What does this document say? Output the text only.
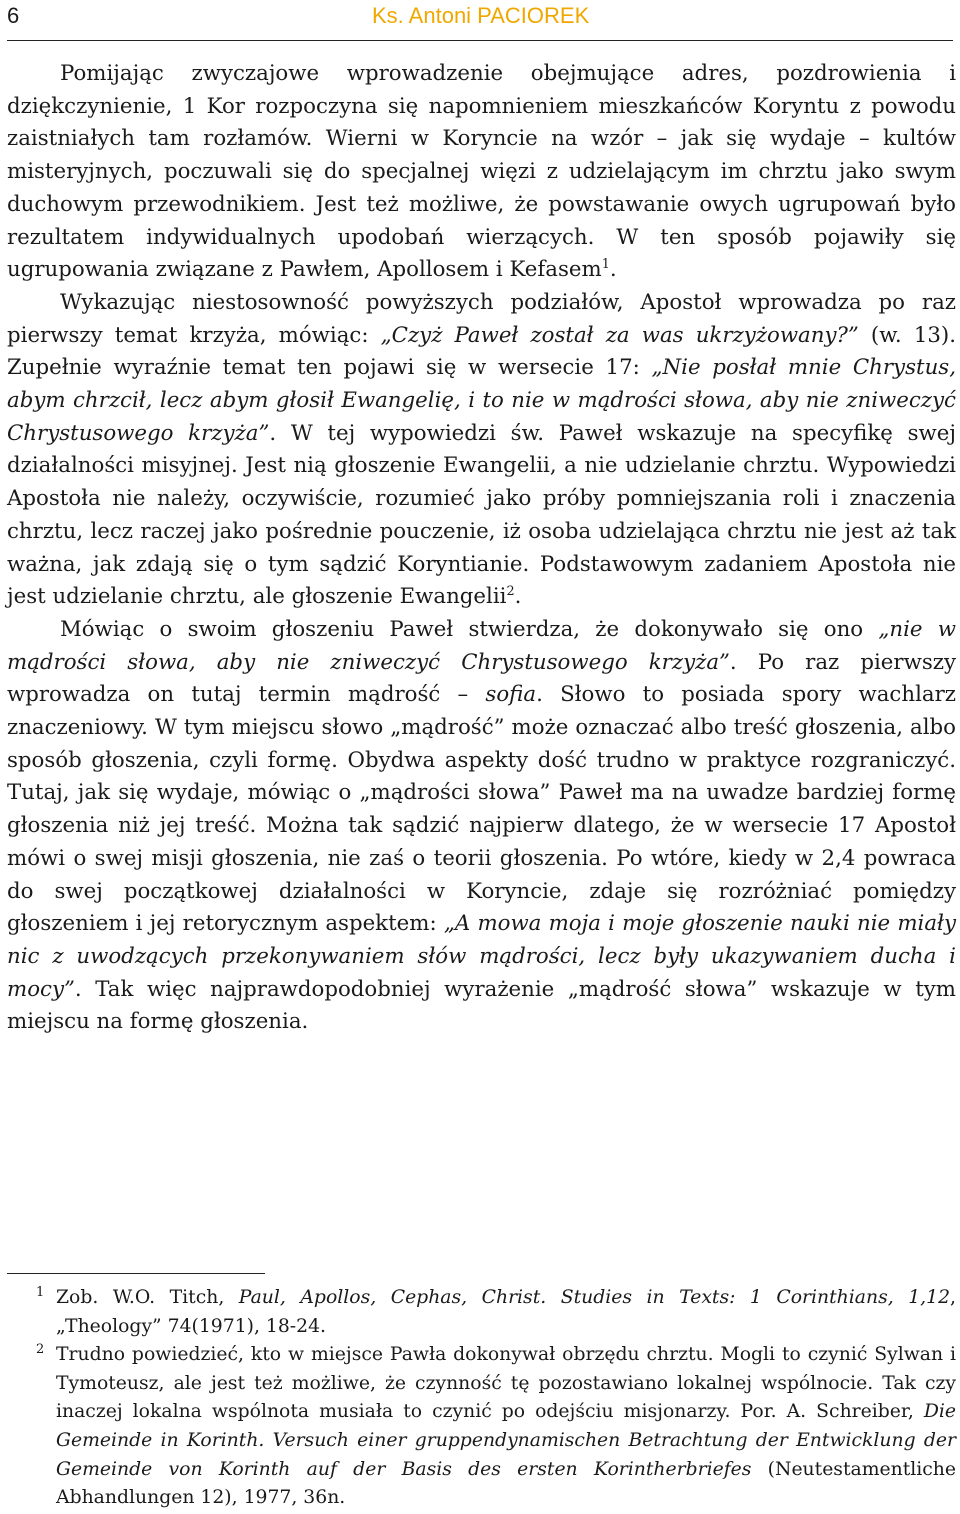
6	Ks. Antoni PACIOREK

Pomijając zwyczajowe wprowadzenie obejmujące adres, pozdrowienia i dziękczynienie, 1 Kor rozpoczyna się napomnieniem mieszkańców Koryntu z powodu zaistniałych tam rozłamów. Wierni w Koryncie na wzór – jak się wydaje – kultów misteryjnych, poczuwali się do specjalnej więzi z udzielającym im chrztu jako swym duchowym przewodnikiem. Jest też możliwe, że powstawanie owych ugrupowań było rezultatem indywidualnych upodobań wierzących. W ten sposób pojawiły się ugrupowania związane z Pawłem, Apollosem i Kefasem$^1$.

Wykazując niestosowność powyższych podziałów, Apostoł wprowadza po raz pierwszy temat krzyża, mówiąc: „Czyż Paweł został za was ukrzyżowany?” (w. 13). Zupełnie wyraźnie temat ten pojawi się w wersecie 17: „Nie posłał mnie Chrystus, abym chrzcił, lecz abym głosił Ewangelię, i to nie w mądrości słowa, aby nie zniweczyć Chrystusowego krzyża”. W tej wypowiedzi św. Paweł wskazuje na specyfikę swej działalności misyjnej. Jest nią głoszenie Ewangelii, a nie udzielanie chrztu. Wypowiedzi Apostoła nie należy, oczywiście, rozumieć jako próby pomniejszania roli i znaczenia chrztu, lecz raczej jako pośrednie pouczenie, iż osoba udzielająca chrztu nie jest aż tak ważna, jak zdają się o tym sądzić Koryntianie. Podstawowym zadaniem Apostoła nie jest udzielanie chrztu, ale głoszenie Ewangelii$^2$.

Mówiąc o swoim głoszeniu Paweł stwierdza, że dokonywało się ono „nie w mądrości słowa, aby nie zniweczyć Chrystusowego krzyża”. Po raz pierwszy wprowadza on tutaj termin mądrość – sofia. Słowo to posiada spory wachlarz znaczeniowy. W tym miejscu słowo „mądrość” może oznaczać albo treść głoszenia, albo sposób głoszenia, czyli formę. Obydwa aspekty dość trudno w praktyce rozgraniczyć. Tutaj, jak się wydaje, mówiąc o „mądrości słowa” Paweł ma na uwadze bardziej formę głoszenia niż jej treść. Można tak sądzić najpierw dlatego, że w wersecie 17 Apostoł mówi o swej misji głoszenia, nie zaś o teorii głoszenia. Po wtóre, kiedy w 2,4 powraca do swej początkowej działalności w Koryncie, zdaje się rozróżniać pomiędzy głoszeniem i jej retorycznym aspektem: „A mowa moja i moje głoszenie nauki nie miały nic z uwodzących przekonywaniem słów mądrości, lecz były ukazywaniem ducha i mocy”. Tak więc najprawdopodobniej wyrażenie „mądrość słowa” wskazuje w tym miejscu na formę głoszenia.

1 Zob. W.O. Titch, Paul, Apollos, Cephas, Christ. Studies in Texts: 1 Corinthians, 1,12, „Theology” 74(1971), 18-24.
2 Trudno powiedzieć, kto w miejsce Pawła dokonywał obrzędu chrztu. Mogli to czynić Sylwan i Tymoteusz, ale jest też możliwe, że czynność tę pozostawiano lokalnej wspólnocie. Tak czy inaczej lokalna wspólnota musiała to czynić po odejściu misjonarzy. Por. A. Schreiber, Die Gemeinde in Korinth. Versuch einer gruppendynamischen Betrachtung der Entwicklung der Gemeinde von Korinth auf der Basis des ersten Korintherbriefes (Neutestamentliche Abhandlungen 12), 1977, 36n.
